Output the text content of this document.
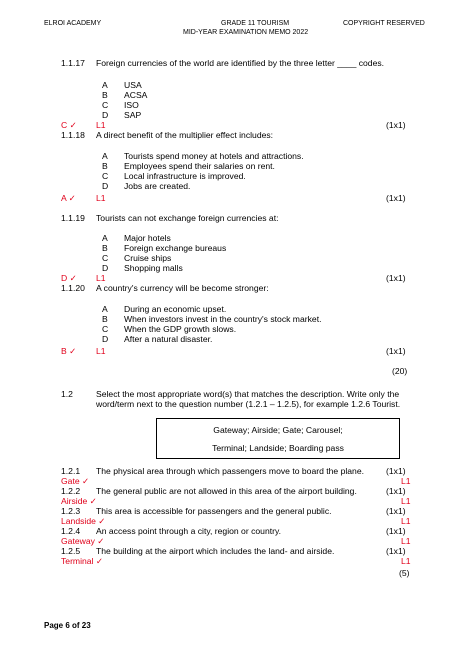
ELROI ACADEMY	GRADE 11 TOURISM
MID-YEAR EXAMINATION MEMO 2022
COPYRIGHT RESERVED
1.1.17 Foreign currencies of the world are identified by the three letter ____ codes.
A USA
B ACSA
C ISO
D SAP
C ✓ L1	(1x1)
1.1.18 A direct benefit of the multiplier effect includes:
A Tourists spend money at hotels and attractions.
B Employees spend their salaries on rent.
C Local infrastructure is improved.
D Jobs are created.
A ✓ L1	(1x1)
1.1.19 Tourists can not exchange foreign currencies at:
A Major hotels
B Foreign exchange bureaus
C Cruise ships
D Shopping malls
D ✓ L1	(1x1)
1.1.20 A country's currency will be become stronger:
A During an economic upset.
B When investors invest in the country's stock market.
C When the GDP growth slows.
D After a natural disaster.
B ✓ L1	(1x1)
(20)
1.2	Select the most appropriate word(s) that matches the description. Write only the
word/term next to the question number (1.2.1 – 1.2.5), for example 1.2.6 Tourist.
Gateway; Airside; Gate; Carousel;
Terminal; Landside; Boarding pass
1.2.1 The physical area through which passengers move to board the plane.	(1x1)
Gate ✓	L1
1.2.2 The general public are not allowed in this area of the airport building.	(1x1)
Airside ✓	L1
1.2.3 This area is accessible for passengers and the general public.	(1x1)
Landside ✓	L1
1.2.4 An access point through a city, region or country.	(1x1)
Gateway ✓	L1
1.2.5 The building at the airport which includes the land- and airside.	(1x1)
Terminal ✓	L1
(5)
Page 6 of 23
